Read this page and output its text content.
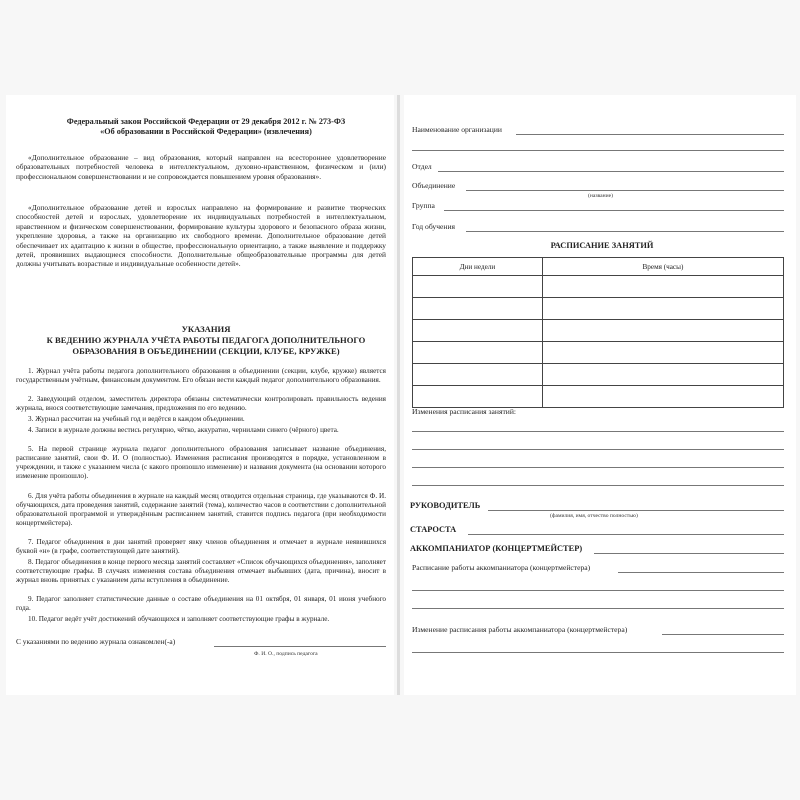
Федеральный закон Российской Федерации от 29 декабря 2012 г. № 273-ФЗ
«Об образовании в Российской Федерации» (извлечения)

«Дополнительное образование – вид образования, который направлен на всестороннее удовлетворение образовательных потребностей человека в интеллектуальном, духовно-нравственном, физическом и (или) профессиональном совершенствовании и не сопровождается повышением уровня образования».

«Дополнительное образование детей и взрослых направлено на формирование и развитие творческих способностей детей и взрослых, удовлетворение их индивидуальных потребностей в интеллектуальном, нравственном и физическом совершенствовании, формирование культуры здорового и безопасного образа жизни, укрепление здоровья, а также на организацию их свободного времени. Дополнительное образование детей обеспечивает их адаптацию к жизни в обществе, профессиональную ориентацию, а также выявление и поддержку детей, проявивших выдающиеся способности. Дополнительные общеобразовательные программы для детей должны учитывать возрастные и индивидуальные особенности детей».

УКАЗАНИЯ
К ВЕДЕНИЮ ЖУРНАЛА УЧЁТА РАБОТЫ ПЕДАГОГА ДОПОЛНИТЕЛЬНОГО
ОБРАЗОВАНИЯ В ОБЪЕДИНЕНИИ (СЕКЦИИ, КЛУБЕ, КРУЖКЕ)

1. Журнал учёта работы педагога дополнительного образования в объединении (секции, клубе, кружке) является государственным учётным, финансовым документом. Его обязан вести каждый педагог дополнительного образования.

2. Заведующий отделом, заместитель директора обязаны систематически контролировать правильность ведения журнала, внося соответствующие замечания, предложения по его ведению.

3. Журнал рассчитан на учебный год и ведётся в каждом объединении.

4. Записи в журнале должны вестись регулярно, чётко, аккуратно, чернилами синего (чёрного) цвета.

5. На первой странице журнала педагог дополнительного образования записывает название объединения, расписание занятий, свои Ф. И. О (полностью). Изменения расписания производятся в порядке, установленном в учреждении, и также с указанием числа (с какого произошло изменение) и названия документа (на основании которого изменение произошло).

6. Для учёта работы объединения в журнале на каждый месяц отводится отдельная страница, где указываются Ф. И. обучающихся, дата проведения занятий, содержание занятий (тема), количество часов в соответствии с дополнительной образовательной программой и утверждённым расписанием занятий, ставится подпись педагога (при необходимости концертмейстера).

7. Педагог объединения в дни занятий проверяет явку членов объединения и отмечает в журнале неявившихся буквой «н» (в графе, соответствующей дате занятий).

8. Педагог объединения в конце первого месяца занятий составляет «Список обучающихся объединения», заполняет соответствующие графы. В случаях изменения состава объединения отмечает выбывших (дата, причина), вносит в журнал вновь принятых с указанием даты вступления в объединение.

9. Педагог заполняет статистические данные о составе объединения на 01 октября, 01 января, 01 июня учебного года.

10. Педагог ведёт учёт достижений обучающихся и заполняет соответствующие графы в журнале.

С указаниями по ведению журнала ознакомлен(-а)
Ф. И. О., подпись педагога
Наименование организации
Отдел
Объединение
(название)
Группа
Год обучения
РАСПИСАНИЕ ЗАНЯТИЙ
Дни недели	Время (часы)

Изменения расписания занятий:
РУКОВОДИТЕЛЬ
(фамилия, имя, отчество полностью)
СТАРОСТА
АККОМПАНИАТОР (КОНЦЕРТМЕЙСТЕР)
Расписание работы аккомпаниатора (концертмейстера)
Изменение расписания работы аккомпаниатора (концертмейстера)
